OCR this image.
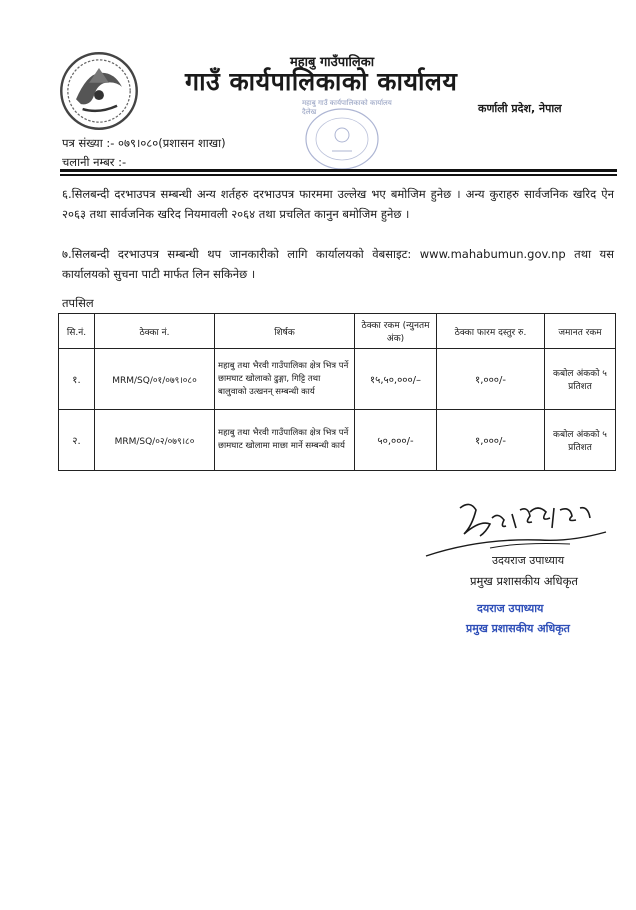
महाबु गाउँपालिका
गाउँ कार्यपालिकाको कार्यालय
कर्णाली प्रदेश, नेपाल
महाबु गाउँ कार्यपालिकाको कार्यालय दैलेख
पत्र संख्या :- ०७९।०८०(प्रशासन शाखा)
चलानी नम्बर :-
६.सिलबन्दी दरभाउपत्र सम्बन्धी अन्य शर्तहरु दरभाउपत्र फारममा उल्लेख भए बमोजिम हुनेछ । अन्य कुराहरु सार्वजनिक खरिद ऐन २०६३ तथा सार्वजनिक खरिद नियमावली २०६४ तथा प्रचलित कानुन बमोजिम हुनेछ ।
७.सिलबन्दी दरभाउपत्र सम्बन्धी थप जानकारीको लागि कार्यालयको वेबसाइट: www.mahabumun.gov.np तथा यस कार्यालयको सुचना पाटी मार्फत लिन सकिनेछ ।
तपसिल
सि.नं.	ठेक्का नं.	शिर्षक	ठेक्का रकम (न्युनतम अंक)	ठेक्का फारम दस्तुर रु.	जमानत रकम
१.	MRM/SQ/०१/०७९।०८०	महाबु तथा भैरवी गाउँपालिका क्षेत्र भित्र पर्ने छामघाट खोलाको ढुङ्गा, गिट्टि तथा बालुवाको उत्खनन् सम्बन्धी कार्य	१५,५०,०००/–	१,०००/-	कबोल अंकको ५ प्रतिशत
२.	MRM/SQ/०२/०७९।८०	महाबु तथा भैरवी गाउँपालिका क्षेत्र भित्र पर्ने छामघाट खोलामा माछा मार्ने सम्बन्धी कार्य	५०,०००/-	१,०००/-	कबोल अंकको ५ प्रतिशत
उदयराज उपाध्याय
प्रमुख प्रशासकीय अधिकृत
दयराज उपाध्याय
प्रमुख प्रशासकीय अधिकृत
